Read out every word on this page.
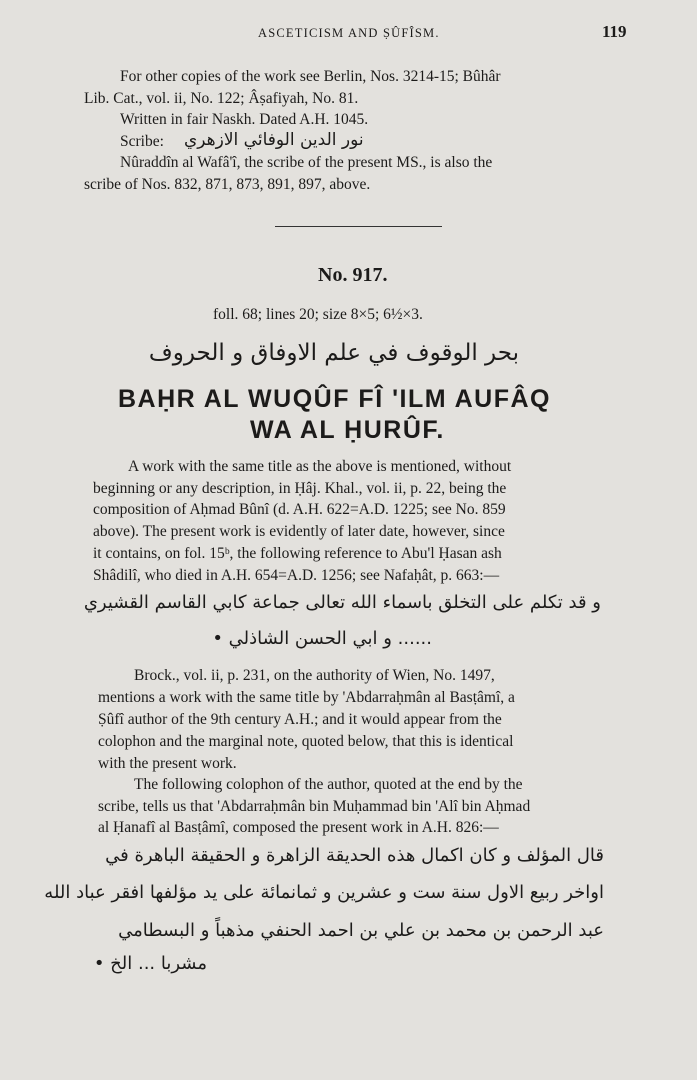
ASCETICISM AND ṢÛFÎSM.	119
For other copies of the work see Berlin, Nos. 3214-15; Bûhâr
Lib. Cat., vol. ii, No. 122; Âṣafiyah, No. 81.
Written in fair Naskh. Dated A.H. 1045.
Scribe: نور الدين الوفائي الازهري
Nûraddîn al Wafâ'î, the scribe of the present MS., is also the
scribe of Nos. 832, 871, 873, 891, 897, above.
No. 917.
foll. 68; lines 20; size 8×5; 6½×3.
بحر الوقوف في علم الاوفاق و الحروف
BAḤR AL WUQÛF FÎ 'ILM AUFÂQ
WA AL ḤURÛF.
A work with the same title as the above is mentioned, without
beginning or any description, in Ḥâj. Khal., vol. ii, p. 22, being the
composition of Aḥmad Bûnî (d. A.H. 622=A.D. 1225; see No. 859
above). The present work is evidently of later date, however, since
it contains, on fol. 15ᵇ, the following reference to Abu'l Ḥasan ash
Shâdilî, who died in A.H. 654=A.D. 1256; see Nafaḥât, p. 663:—
و قد تكلم على التخلق باسماء الله تعالى جماعة كابي القاسم القشيري
...... و ابي الحسن الشاذلي •
Brock., vol. ii, p. 231, on the authority of Wien, No. 1497,
mentions a work with the same title by 'Abdarraḥmân al Basṭâmî, a
Ṣûfî author of the 9th century A.H.; and it would appear from the
colophon and the marginal note, quoted below, that this is identical
with the present work.
The following colophon of the author, quoted at the end by the
scribe, tells us that 'Abdarraḥmân bin Muḥammad bin 'Alî bin Aḥmad
al Ḥanafî al Basṭâmî, composed the present work in A.H. 826:—
قال المؤلف و كان اكمال هذه الحديقة الزاهرة و الحقيقة الباهرة في
اواخر ربيع الاول سنة ست و عشرين و ثمانمائة على يد مؤلفها افقر عباد الله
عبد الرحمن بن محمد بن علي بن احمد الحنفي مذهباً و البسطامي
مشربا ... الخ •
